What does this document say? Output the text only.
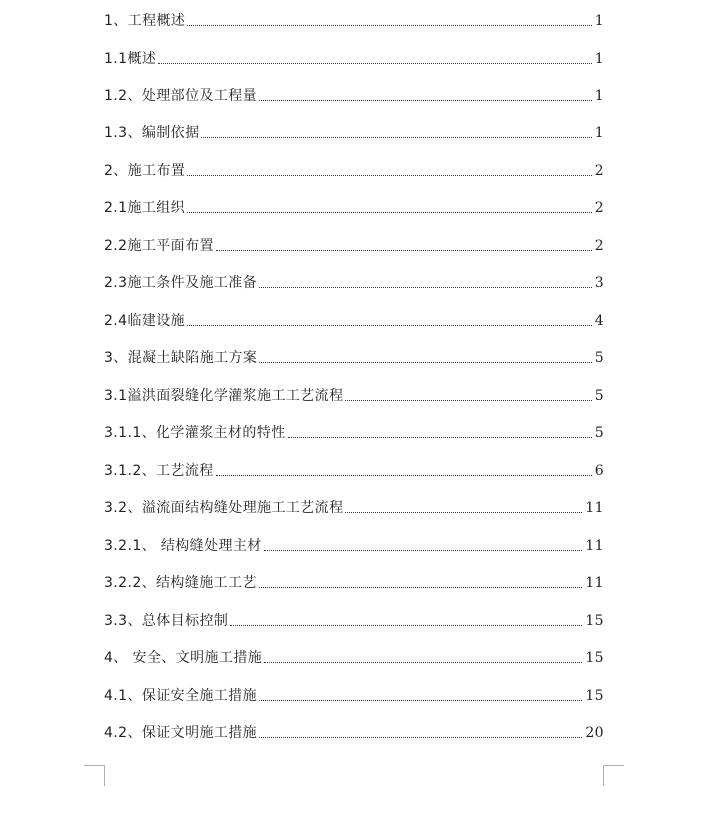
1、工程概述	1
1.1概述	1
1.2、处理部位及工程量	1
1.3、编制依据	1
2、施工布置	2
2.1施工组织	2
2.2施工平面布置	2
2.3施工条件及施工准备	3
2.4临建设施	4
3、混凝土缺陷施工方案	5
3.1溢洪面裂缝化学灌浆施工工艺流程	5
3.1.1、化学灌浆主材的特性	5
3.1.2、工艺流程	6
3.2、溢流面结构缝处理施工工艺流程	11
3.2.1、 结构缝处理主材	11
3.2.2、结构缝施工工艺	11
3.3、总体目标控制	15
4、 安全、文明施工措施	15
4.1、保证安全施工措施	15
4.2、保证文明施工措施	20
